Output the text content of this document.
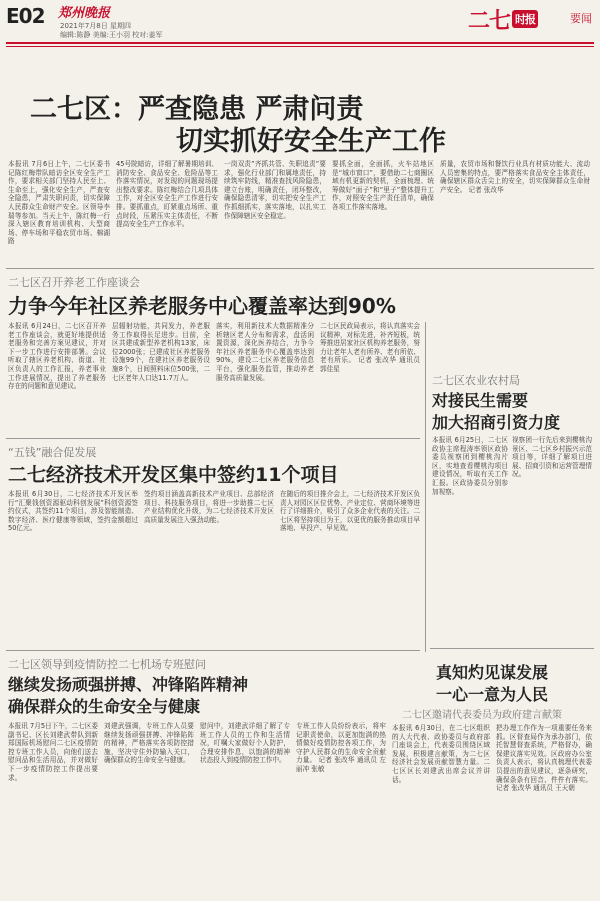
E02 郑州晚报
2021年7月8日 星期四
编辑:陈静 美编:王小羽 校对:姜军
二七 时报	要闻
二七区：严查隐患 严肃问责
切实抓好安全生产工作
本报讯 7月6日上午，二七区委书记陈红梅带队暗访全区安全生产工作，要求相关部门坚持人民至上、生命至上，强化安全生产，严查安全隐患，严肃失职问责，切实保障人民群众生命财产安全。区领导李瑞等参加。当天上午，陈红梅一行深入辖区教育培训机构、大型商场、停车场和平稳农贸市场、棉湖路
45号院暗访，详细了解暑期培训、消防安全、食品安全、危险品等工作落实情况，对发现的问题现场提出整改要求。陈红梅结合几项具体工作，对全区安全生产工作进行安排。要抓重点，盯紧重点场所、重点时段，压紧压实主体责任，不断提高安全生产工作水平。
一岗双责”齐抓共管、失职追责”要求，强化行业部门和属地责任，持续筑牢防线，精准查找风险隐患，建立台账，明确责任，闭环整改，确保隐患清零，切实把安全生产工作抓细抓实，落实落地，以扎实工作保障辖区安全稳定。
要抓全面，全面抓，火车站地区是“城市窗口”，要借助二七商圈区域有机更新的契机，全面梳理、统筹做好“面子”和“里子”整体提升工作，对照安全生产责任清单，确保各项工作落实落地。
质量，农贸市场和餐饮行业具有材质功能大、流动人员密集的特点，要严格落实食品安全主体责任，确保辖区群众舌尖上的安全，切实保障群众生命财产安全。 记者 张改华
二七区召开养老工作座谈会
力争今年社区养老服务中心覆盖率达到90%
本报讯 6月24日，二七区召开养老工作座谈会，就更好地提供适老服务和完善方案见建议，并对下一步工作进行安排部署。会议听取了辖区养老机构、街道、社区负责人的工作汇报，养老事业工作进展情况，提出了养老服务存在的问题和意见建议。
层辐射功能，共同发力，养老服务工作取得长足进步。目前，全区共建成新型养老机构13家，床位2000张；已建成社区养老服务设施99个，在建社区养老服务设施8个，日间照料床位500张，二七区老年人口达11.7万人。
落实，利用新技术大数据精准分析辖区老人分布和需求，盘活闲置资源，深化医养结合，力争今年社区养老服务中心覆盖率达到90%，建设二七区养老服务信息平台，强化服务监管，推动养老服务高质量发展。
二七区民政局表示，将认真落实会议精神，对标先进，补齐短板，统筹推进居家社区机构养老服务，努力让老年人老有所养、老有所依、老有所乐。 记者 张改华 通讯员 郭佳星
“五钱”融合促发展
二七经济技术开发区集中签约11个项目
本报讯 6月30日，二七经济技术开发区举行“汇聚钱创资源驱动科创发展”科创资源签约仪式，共签约11个项目，涉及智能制造、数字经济、医疗健康等领域，签约金额超过50亿元。
签约项目涵盖高新技术产业项目、总部经济项目、科技服务项目，将进一步助推二七区产业结构优化升级，为二七经济技术开发区高质量发展注入强劲动能。
在随后的项目推介会上，二七经济技术开发区负责人对园区区位优势、产业定位、营商环境等进行了详细推介，吸引了众多企业代表的关注。二七区将坚持项目为王，以更优的服务推动项目早落地、早投产、早见效。
二七区领导到疫情防控二七机场专班慰问
继续发扬顽强拼搏、冲锋陷阵精神
确保群众的生命安全与健康
本报讯 7月5日下午，二七区委副书记、区长刘建武带队到新郑国际机场慰问二七区疫情防控专班工作人员，向他们送去慰问品和生活用品，并对做好下一步疫情防控工作提出要求。
刘建武强调，专班工作人员要继续发扬顽强拼搏、冲锋陷阵的精神，严格落实各项防控措施，坚决守住外防输入关口，确保群众的生命安全与健康。
慰问中，刘建武详细了解了专班工作人员的工作和生活情况，叮嘱大家做好个人防护，合理安排作息，以饱满的精神状态投入到疫情防控工作中。
专班工作人员纷纷表示，将牢记职责使命，以更加饱满的热情做好疫情防控各项工作，为守护人民群众的生命安全贡献力量。 记者 张改华 通讯员 左丽冲 张敏
二七区农业农村局
对接民生需要
加大招商引资力度
本报讯 6月25日，二七区政协主席程涛率领区政协委员视察团到樱桃沟片区，实地查看樱桃沟项目建设情况，听取有关工作汇报。区政协委员分别参加视察。
视察团一行先后来到樱桃沟景区、二七区乡村振兴示范项目等，详细了解项目进展、招商引资和运营管理情况。
真知灼见谋发展
一心一意为人民
二七区邀请代表委员为政府建言献策
本报讯 6月30日，在二七区组织的人大代表、政协委员与政府部门座谈会上，代表委员围绕区域发展，积极建言献策，为二七区经济社会发展贡献智慧力量。二七区区长刘建武出席会议并讲话。
把办理工作作为一项重要任务来抓。区督查局作为承办部门，依托智慧督查系统，严格督办，确保建议落实见效。区政府办公室负责人表示，将认真梳理代表委员提出的意见建议，逐条研究，确保条条有回音、件件有落实。 记者 张改华 通讯员 王天朝
